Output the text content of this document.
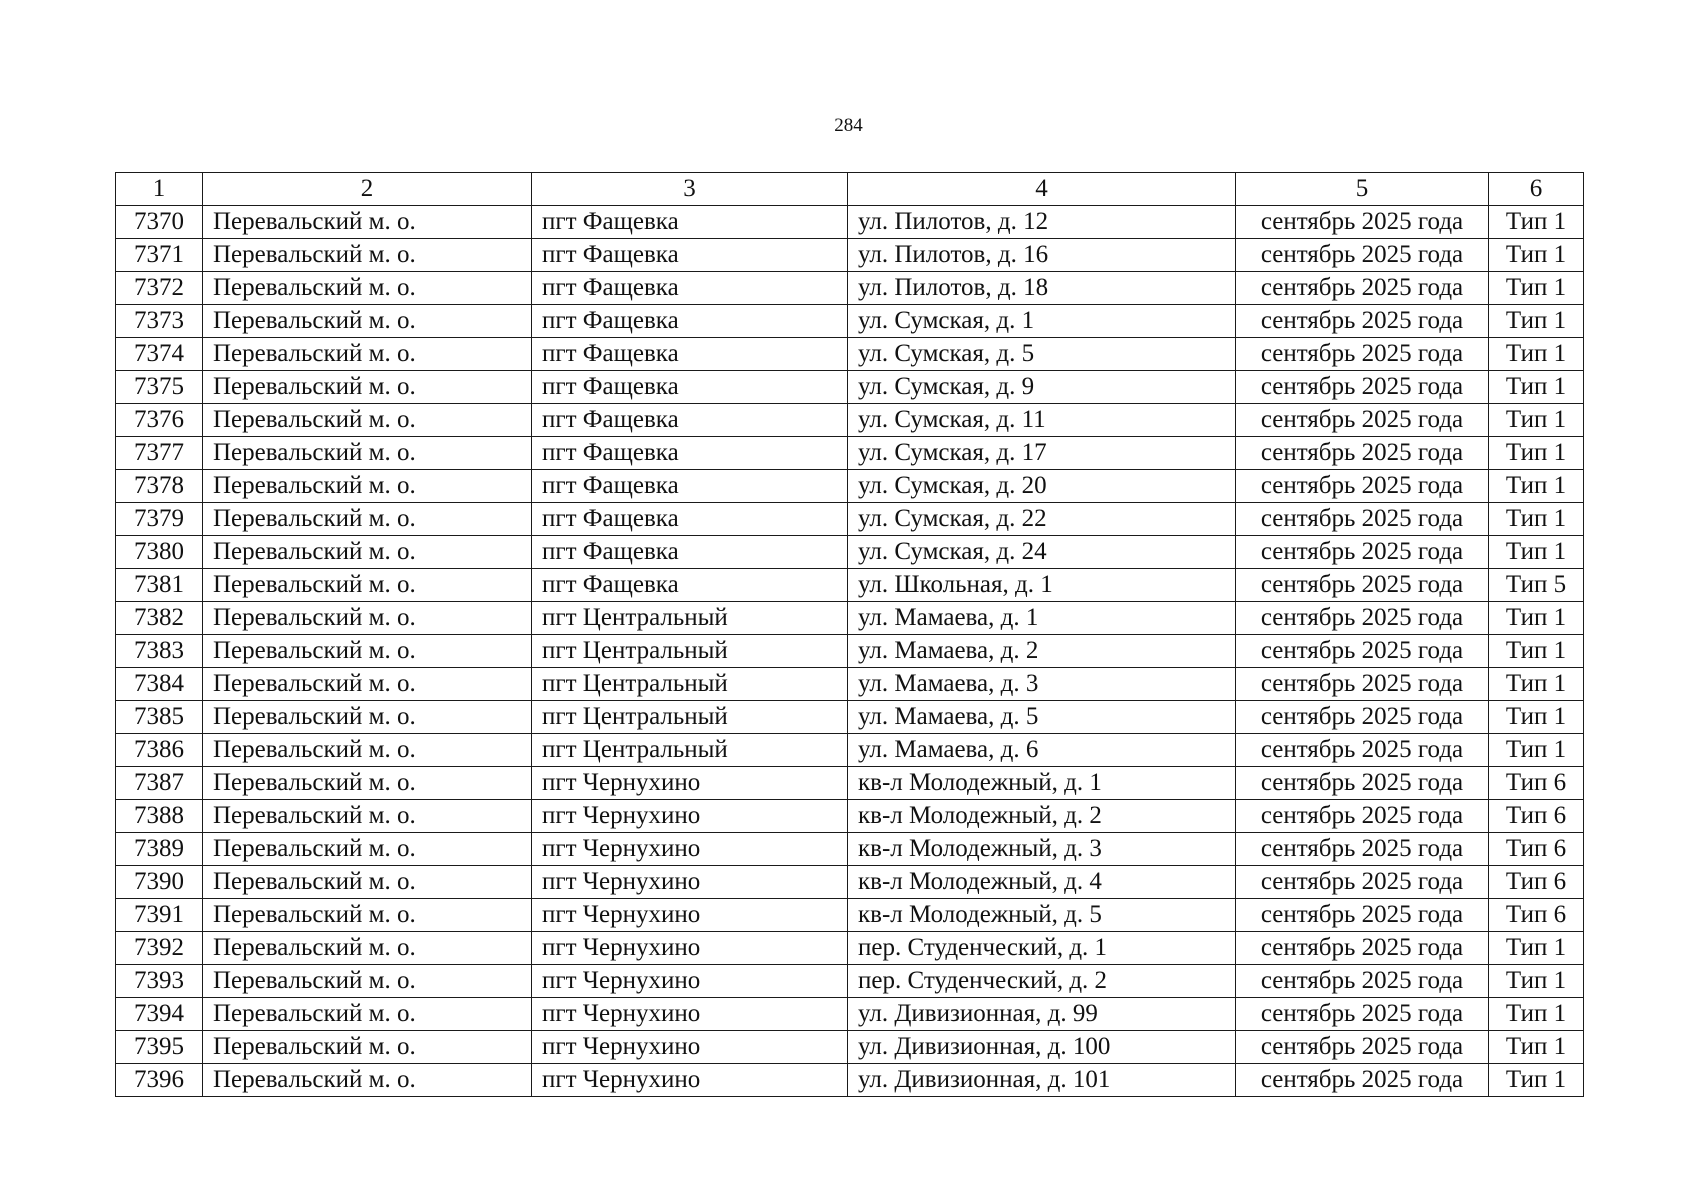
284
1	2	3	4	5	6
7370	Перевальский м. о.	пгт Фащевка	ул. Пилотов, д. 12	сентябрь 2025 года	Тип 1
7371	Перевальский м. о.	пгт Фащевка	ул. Пилотов, д. 16	сентябрь 2025 года	Тип 1
7372	Перевальский м. о.	пгт Фащевка	ул. Пилотов, д. 18	сентябрь 2025 года	Тип 1
7373	Перевальский м. о.	пгт Фащевка	ул. Сумская, д. 1	сентябрь 2025 года	Тип 1
7374	Перевальский м. о.	пгт Фащевка	ул. Сумская, д. 5	сентябрь 2025 года	Тип 1
7375	Перевальский м. о.	пгт Фащевка	ул. Сумская, д. 9	сентябрь 2025 года	Тип 1
7376	Перевальский м. о.	пгт Фащевка	ул. Сумская, д. 11	сентябрь 2025 года	Тип 1
7377	Перевальский м. о.	пгт Фащевка	ул. Сумская, д. 17	сентябрь 2025 года	Тип 1
7378	Перевальский м. о.	пгт Фащевка	ул. Сумская, д. 20	сентябрь 2025 года	Тип 1
7379	Перевальский м. о.	пгт Фащевка	ул. Сумская, д. 22	сентябрь 2025 года	Тип 1
7380	Перевальский м. о.	пгт Фащевка	ул. Сумская, д. 24	сентябрь 2025 года	Тип 1
7381	Перевальский м. о.	пгт Фащевка	ул. Школьная, д. 1	сентябрь 2025 года	Тип 5
7382	Перевальский м. о.	пгт Центральный	ул. Мамаева, д. 1	сентябрь 2025 года	Тип 1
7383	Перевальский м. о.	пгт Центральный	ул. Мамаева, д. 2	сентябрь 2025 года	Тип 1
7384	Перевальский м. о.	пгт Центральный	ул. Мамаева, д. 3	сентябрь 2025 года	Тип 1
7385	Перевальский м. о.	пгт Центральный	ул. Мамаева, д. 5	сентябрь 2025 года	Тип 1
7386	Перевальский м. о.	пгт Центральный	ул. Мамаева, д. 6	сентябрь 2025 года	Тип 1
7387	Перевальский м. о.	пгт Чернухино	кв-л Молодежный, д. 1	сентябрь 2025 года	Тип 6
7388	Перевальский м. о.	пгт Чернухино	кв-л Молодежный, д. 2	сентябрь 2025 года	Тип 6
7389	Перевальский м. о.	пгт Чернухино	кв-л Молодежный, д. 3	сентябрь 2025 года	Тип 6
7390	Перевальский м. о.	пгт Чернухино	кв-л Молодежный, д. 4	сентябрь 2025 года	Тип 6
7391	Перевальский м. о.	пгт Чернухино	кв-л Молодежный, д. 5	сентябрь 2025 года	Тип 6
7392	Перевальский м. о.	пгт Чернухино	пер. Студенческий, д. 1	сентябрь 2025 года	Тип 1
7393	Перевальский м. о.	пгт Чернухино	пер. Студенческий, д. 2	сентябрь 2025 года	Тип 1
7394	Перевальский м. о.	пгт Чернухино	ул. Дивизионная, д. 99	сентябрь 2025 года	Тип 1
7395	Перевальский м. о.	пгт Чернухино	ул. Дивизионная, д. 100	сентябрь 2025 года	Тип 1
7396	Перевальский м. о.	пгт Чернухино	ул. Дивизионная, д. 101	сентябрь 2025 года	Тип 1
